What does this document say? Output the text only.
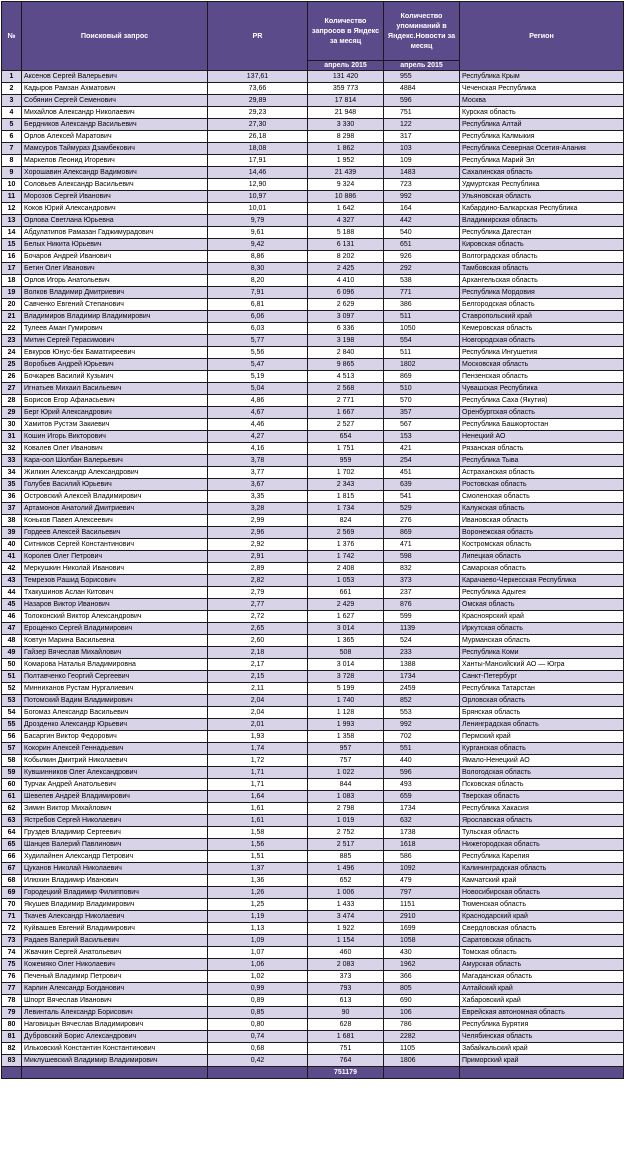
№	Поисковый запрос	PR	Количество запросов в Яндекс за месяц	Количество упоминаний в Яндекс.Новости за месяц	Регион
			апрель 2015	апрель 2015	
1	Аксенов Сергей Валерьевич	137,61	131 420	955	Республика Крым
2	Кадыров Рамзан Ахматович	73,66	359 773	4884	Чеченская Республика
3	Собянин Сергей Семенович	29,89	17 814	596	Москва
4	Михайлов Александр Николаевич	29,23	21 948	751	Курская область
5	Бердников Александр Васильевич	27,30	3 330	122	Республика Алтай
6	Орлов Алексей Маратович	26,18	8 298	317	Республика Калмыкия
7	Мамсуров Таймураз Дзамбекович	18,08	1 862	103	Республика Северная Осетия-Алания
8	Маркелов Леонид Игоревич	17,91	1 952	109	Республика Марий Эл
9	Хорошавин Александр Вадимович	14,46	21 439	1483	Сахалинская область
10	Соловьев Александр Васильевич	12,90	9 324	723	Удмуртская Республика
11	Морозов Сергей Иванович	10,97	10 886	992	Ульяновская область
12	Коков Юрий Александрович	10,01	1 642	164	Кабардино-Балкарская Республика
13	Орлова Светлана Юрьевна	9,79	4 327	442	Владимирская область
14	Абдулатипов Рамазан Гаджимурадович	9,61	5 188	540	Республика Дагестан
15	Белых Никита Юрьевич	9,42	6 131	651	Кировская область
16	Бочаров Андрей Иванович	8,86	8 202	926	Волгоградская область
17	Бетин Олег Иванович	8,30	2 425	292	Тамбовская область
18	Орлов Игорь Анатольевич	8,20	4 410	538	Архангельская область
19	Волков Владимир Дмитриевич	7,91	6 096	771	Республика Мордовия
20	Савченко Евгений Степанович	6,81	2 629	386	Белгородская область
21	Владимиров Владимир Владимирович	6,06	3 097	511	Ставропольский край
22	Тулеев Аман Гумирович	6,03	6 336	1050	Кемеровская область
23	Митин Сергей Герасимович	5,77	3 198	554	Новгородская область
24	Евкуров Юнус-бек Баматгиреевич	5,56	2 840	511	Республика Ингушетия
25	Воробьев Андрей Юрьевич	5,47	9 865	1802	Московская область
26	Бочкарев Василий Кузьмич	5,19	4 513	869	Пензенская область
27	Игнатьев Михаил Васильевич	5,04	2 568	510	Чувашская Республика
28	Борисов Егор Афанасьевич	4,86	2 771	570	Республика Саха (Якутия)
29	Берг Юрий Александрович	4,67	1 667	357	Оренбургская область
30	Хамитов Рустэм Закиевич	4,46	2 527	567	Республика Башкортостан
31	Кошин Игорь Викторович	4,27	654	153	Ненецкий АО
32	Ковалев Олег Иванович	4,16	1 751	421	Рязанская область
33	Кара-оол Шолбан Валерьевич	3,78	959	254	Республика Тыва
34	Жилкин Александр Александрович	3,77	1 702	451	Астраханская область
35	Голубев Василий Юрьевич	3,67	2 343	639	Ростовская область
36	Островский Алексей Владимирович	3,35	1 815	541	Смоленская область
37	Артамонов Анатолий Дмитриевич	3,28	1 734	529	Калужская область
38	Коньков Павел Алексеевич	2,99	824	276	Ивановская область
39	Гордеев Алексей Васильевич	2,96	2 569	869	Воронежская область
40	Ситников Сергей Константинович	2,92	1 376	471	Костромская область
41	Королев Олег Петрович	2,91	1 742	598	Липецкая область
42	Меркушкин Николай Иванович	2,89	2 408	832	Самарская область
43	Темрезов Рашид Борисович	2,82	1 053	373	Карачаево-Черкесская Республика
44	Тхакушинов Аслан Китович	2,79	661	237	Республика Адыгея
45	Назаров Виктор Иванович	2,77	2 429	876	Омская область
46	Толоконский Виктор Александрович	2,72	1 627	599	Красноярский край
47	Ерощенко Сергей Владимирович	2,65	3 014	1139	Иркутская область
48	Ковтун Марина Васильевна	2,60	1 365	524	Мурманская область
49	Гайзер Вячеслав Михайлович	2,18	508	233	Республика Коми
50	Комарова Наталья Владимировна	2,17	3 014	1388	Ханты-Мансийский АО — Югра
51	Полтавченко Георгий Сергеевич	2,15	3 728	1734	Санкт-Петербург
52	Минниханов Рустам Нургалиевич	2,11	5 199	2459	Республика Татарстан
53	Потомский Вадим Владимирович	2,04	1 740	852	Орловская область
54	Богомаз Александр Васильевич	2,04	1 128	553	Брянская область
55	Дрозденко Александр Юрьевич	2,01	1 993	992	Ленинградская область
56	Басаргин Виктор Федорович	1,93	1 358	702	Пермский край
57	Кокорин Алексей Геннадьевич	1,74	957	551	Курганская область
58	Кобылкин Дмитрий Николаевич	1,72	757	440	Ямало-Ненецкий АО
59	Кувшинников Олег Александрович	1,71	1 022	596	Вологодская область
60	Турчак Андрей Анатольевич	1,71	844	493	Псковская область
61	Шевелев Андрей Владимирович	1,64	1 083	659	Тверская область
62	Зимин Виктор Михайлович	1,61	2 798	1734	Республика Хакасия
63	Ястребов Сергей Николаевич	1,61	1 019	632	Ярославская область
64	Груздев Владимир Сергеевич	1,58	2 752	1738	Тульская область
65	Шанцев Валерий Павлинович	1,56	2 517	1618	Нижегородская область
66	Худилайнен Александр Петрович	1,51	885	586	Республика Карелия
67	Цуканов Николай Николаевич	1,37	1 496	1092	Калининградская область
68	Илюхин Владимир Иванович	1,36	652	479	Камчатский край
69	Городецкий Владимир Филиппович	1,26	1 006	797	Новосибирская область
70	Якушев Владимир Владимирович	1,25	1 433	1151	Тюменская область
71	Ткачев Александр Николаевич	1,19	3 474	2910	Краснодарский край
72	Куйвашев Евгений Владимирович	1,13	1 922	1699	Свердловская область
73	Радаев Валерий Васильевич	1,09	1 154	1058	Саратовская область
74	Жвачкин Сергей Анатольевич	1,07	460	430	Томская область
75	Кожемяко Олег Николаевич	1,06	2 083	1962	Амурская область
76	Печеный Владимир Петрович	1,02	373	366	Магаданская область
77	Карлин Александр Богданович	0,99	793	805	Алтайский край
78	Шпорт Вячеслав Иванович	0,89	613	690	Хабаровский край
79	Левинталь Александр Борисович	0,85	90	106	Еврейская автономная область
80	Наговицын Вячеслав Владимирович	0,80	628	786	Республика Бурятия
81	Дубровский Борис Александрович	0,74	1 681	2282	Челябинская область
82	Ильковский Константин Константинович	0,68	751	1105	Забайкальский край
83	Миклушевский Владимир Владимирович	0,42	764	1806	Приморский край
			751179		
